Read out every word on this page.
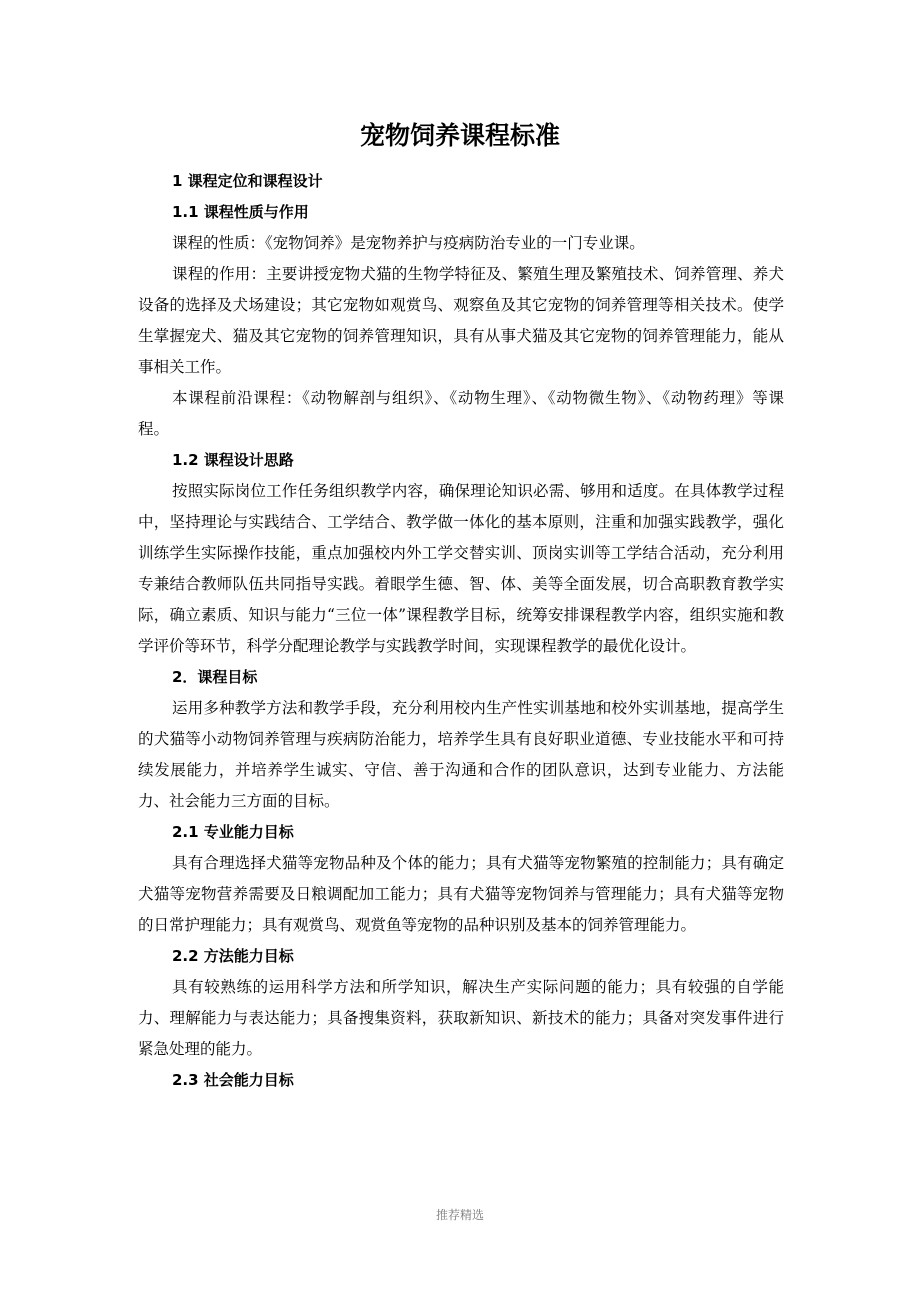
宠物饲养课程标准

1 课程定位和课程设计

1.1 课程性质与作用

课程的性质：《宠物饲养》是宠物养护与疫病防治专业的一门专业课。

课程的作用：主要讲授宠物犬猫的生物学特征及、繁殖生理及繁殖技术、饲养管理、养犬设备的选择及犬场建设；其它宠物如观赏鸟、观察鱼及其它宠物的饲养管理等相关技术。使学生掌握宠犬、猫及其它宠物的饲养管理知识，具有从事犬猫及其它宠物的饲养管理能力，能从事相关工作。

本课程前沿课程：《动物解剖与组织》、《动物生理》、《动物微生物》、《动物药理》等课程。

1.2 课程设计思路

按照实际岗位工作任务组织教学内容，确保理论知识必需、够用和适度。在具体教学过程中，坚持理论与实践结合、工学结合、教学做一体化的基本原则，注重和加强实践教学，强化训练学生实际操作技能，重点加强校内外工学交替实训、顶岗实训等工学结合活动，充分利用专兼结合教师队伍共同指导实践。着眼学生德、智、体、美等全面发展，切合高职教育教学实际，确立素质、知识与能力“三位一体”课程教学目标，统筹安排课程教学内容，组织实施和教学评价等环节，科学分配理论教学与实践教学时间，实现课程教学的最优化设计。

2．课程目标

运用多种教学方法和教学手段，充分利用校内生产性实训基地和校外实训基地，提高学生的犬猫等小动物饲养管理与疾病防治能力，培养学生具有良好职业道德、专业技能水平和可持续发展能力，并培养学生诚实、守信、善于沟通和合作的团队意识，达到专业能力、方法能力、社会能力三方面的目标。

2.1 专业能力目标

具有合理选择犬猫等宠物品种及个体的能力；具有犬猫等宠物繁殖的控制能力；具有确定犬猫等宠物营养需要及日粮调配加工能力；具有犬猫等宠物饲养与管理能力；具有犬猫等宠物的日常护理能力；具有观赏鸟、观赏鱼等宠物的品种识别及基本的饲养管理能力。

2.2 方法能力目标

具有较熟练的运用科学方法和所学知识，解决生产实际问题的能力；具有较强的自学能力、理解能力与表达能力；具备搜集资料，获取新知识、新技术的能力；具备对突发事件进行紧急处理的能力。

2.3 社会能力目标

推荐精选
